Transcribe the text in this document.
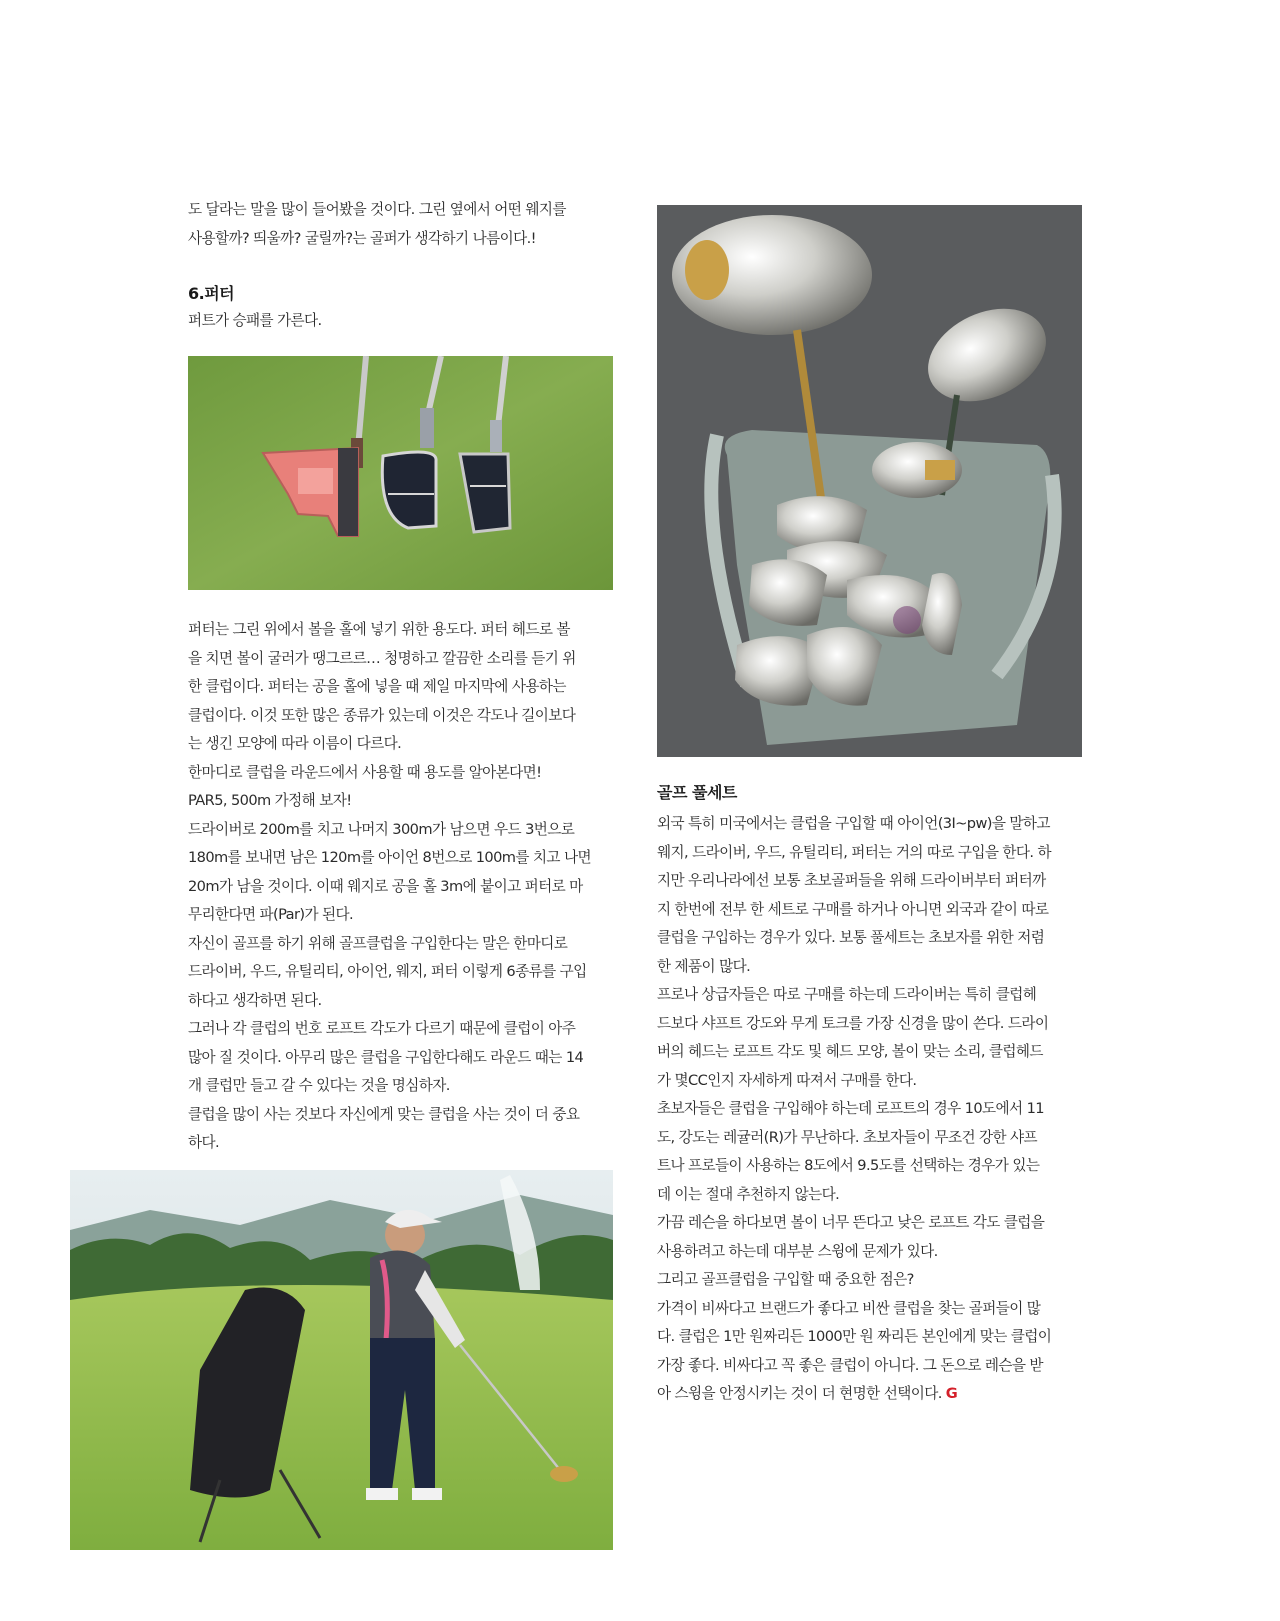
도 달라는 말을 많이 들어봤을 것이다. 그린 옆에서 어떤 웨지를

사용할까? 띄울까? 굴릴까?는 골퍼가 생각하기 나름이다.!

6.퍼터

퍼트가 승패를 가른다.

퍼터는 그린 위에서 볼을 홀에 넣기 위한 용도다. 퍼터 헤드로 볼

을 치면 볼이 굴러가 땡그르르… 청명하고 깔끔한 소리를 듣기 위

한 클럽이다. 퍼터는 공을 홀에 넣을 때 제일 마지막에 사용하는

클럽이다. 이것 또한 많은 종류가 있는데 이것은 각도나 길이보다

는 생긴 모양에 따라 이름이 다르다.

한마디로 클럽을 라운드에서 사용할 때 용도를 알아본다면!

PAR5, 500m 가정해 보자!

드라이버로 200m를 치고 나머지 300m가 남으면 우드 3번으로

180m를 보내면 남은 120m를 아이언 8번으로 100m를 치고 나면

20m가 남을 것이다. 이때 웨지로 공을 홀 3m에 붙이고 퍼터로 마

무리한다면 파(Par)가 된다.

자신이 골프를 하기 위해 골프클럽을 구입한다는 말은 한마디로

드라이버, 우드, 유틸리티, 아이언, 웨지, 퍼터 이렇게 6종류를 구입

하다고 생각하면 된다.

그러나 각 클럽의 번호 로프트 각도가 다르기 때문에 클럽이 아주

많아 질 것이다. 아무리 많은 클럽을 구입한다해도 라운드 때는 14

개 클럽만 들고 갈 수 있다는 것을 명심하자.

클럽을 많이 사는 것보다 자신에게 맞는 클럽을 사는 것이 더 중요

하다.

골프 풀세트

외국 특히 미국에서는 클럽을 구입할 때 아이언(3I~pw)을 말하고

웨지, 드라이버, 우드, 유틸리티, 퍼터는 거의 따로 구입을 한다. 하

지만 우리나라에선 보통 초보골퍼들을 위해 드라이버부터 퍼터까

지 한번에 전부 한 세트로 구매를 하거나 아니면 외국과 같이 따로

클럽을 구입하는 경우가 있다. 보통 풀세트는 초보자를 위한 저렴

한 제품이 많다.

프로나 상급자들은 따로 구매를 하는데 드라이버는 특히 클럽헤

드보다 샤프트 강도와 무게 토크를 가장 신경을 많이 쓴다. 드라이

버의 헤드는 로프트 각도 및 헤드 모양, 볼이 맞는 소리, 클럽헤드

가 몇CC인지 자세하게 따져서 구매를 한다.

초보자들은 클럽을 구입해야 하는데 로프트의 경우 10도에서 11

도, 강도는 레귤러(R)가 무난하다. 초보자들이 무조건 강한 샤프

트나 프로들이 사용하는 8도에서 9.5도를 선택하는 경우가 있는

데 이는 절대 추천하지 않는다.

가끔 레슨을 하다보면 볼이 너무 뜬다고 낮은 로프트 각도 클럽을

사용하려고 하는데 대부분 스윙에 문제가 있다.

그리고 골프클럽을 구입할 때 중요한 점은?

가격이 비싸다고 브랜드가 좋다고 비싼 클럽을 찾는 골퍼들이 많

다. 클럽은 1만 원짜리든 1000만 원 짜리든 본인에게 맞는 클럽이

가장 좋다. 비싸다고 꼭 좋은 클럽이 아니다. 그 돈으로 레슨을 받

아 스윙을 안정시키는 것이 더 현명한 선택이다. G
